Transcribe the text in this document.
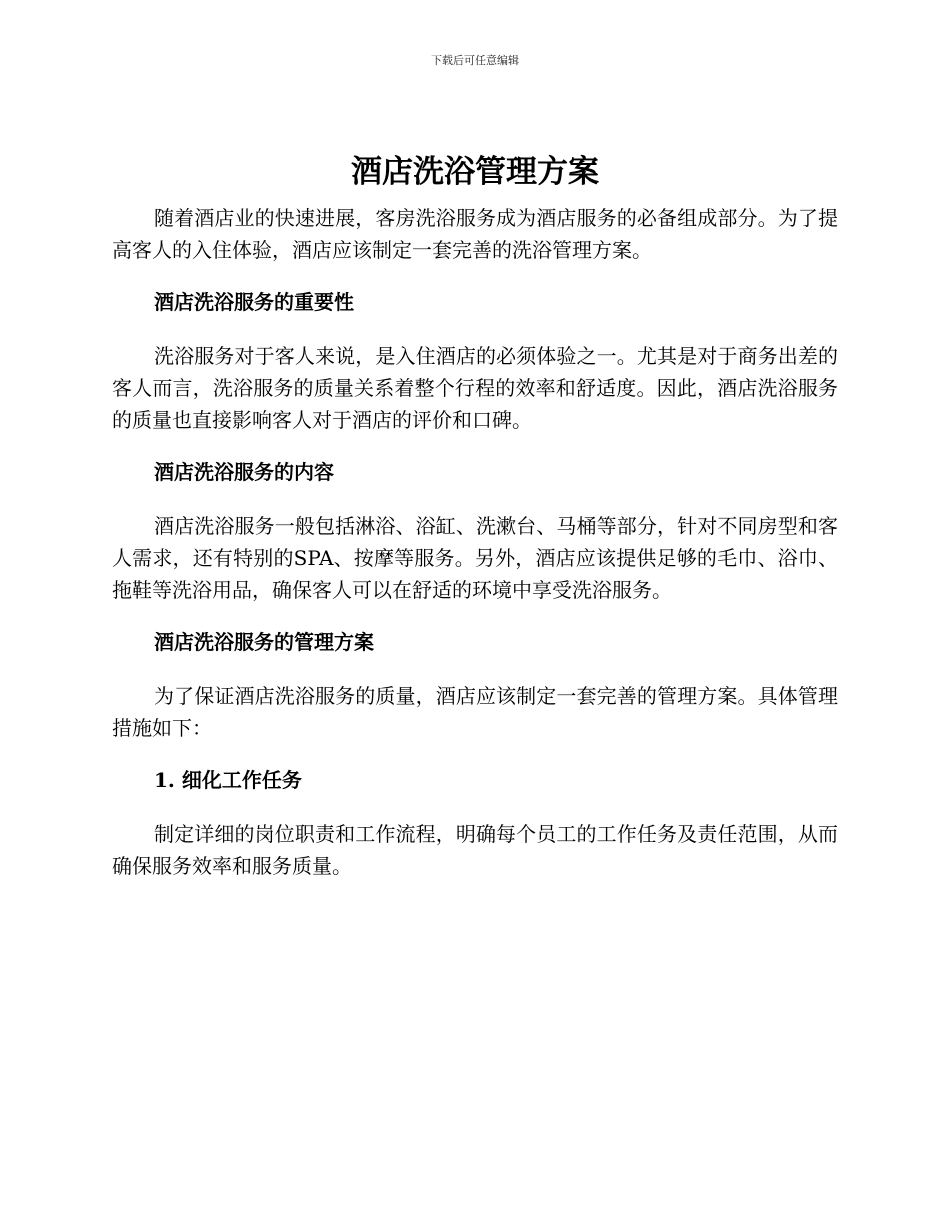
下载后可任意编辑
酒店洗浴管理方案

随着酒店业的快速进展，客房洗浴服务成为酒店服务的必备组成部分。为了提高客人的入住体验，酒店应该制定一套完善的洗浴管理方案。

酒店洗浴服务的重要性

洗浴服务对于客人来说，是入住酒店的必须体验之一。尤其是对于商务出差的客人而言，洗浴服务的质量关系着整个行程的效率和舒适度。因此，酒店洗浴服务的质量也直接影响客人对于酒店的评价和口碑。

酒店洗浴服务的内容

酒店洗浴服务一般包括淋浴、浴缸、洗漱台、马桶等部分，针对不同房型和客人需求，还有特别的SPA、按摩等服务。另外，酒店应该提供足够的毛巾、浴巾、拖鞋等洗浴用品，确保客人可以在舒适的环境中享受洗浴服务。

酒店洗浴服务的管理方案

为了保证酒店洗浴服务的质量，酒店应该制定一套完善的管理方案。具体管理措施如下：

1. 细化工作任务

制定详细的岗位职责和工作流程，明确每个员工的工作任务及责任范围，从而确保服务效率和服务质量。
